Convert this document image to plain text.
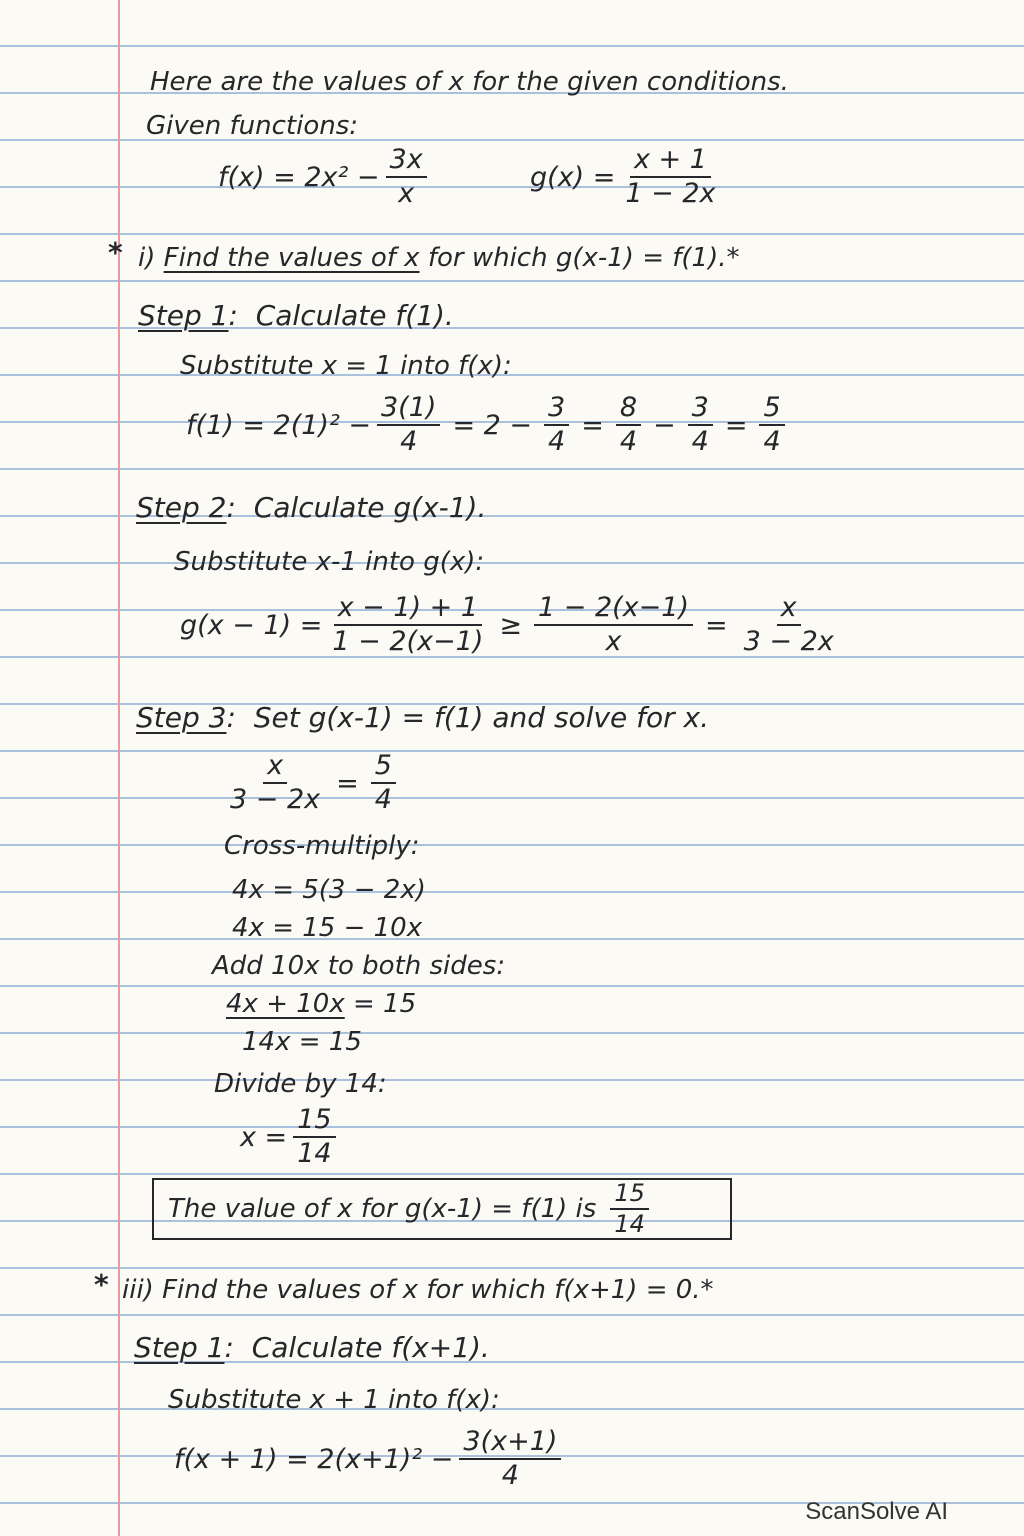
Here are the values of x for the given conditions.
Given functions:
$f(x) = 2x^2 - \frac{3x}{x}$	$g(x) = \frac{x + 1}{1 - 2x}$
* i) Find the values of x for which g(x-1) = f(1).*
Step 1:  Calculate f(1).
Substitute x = 1 into f(x):
$f(1) = 2(1)^2 - \frac{3(1)}{4} = 2 - \frac{3}{4} = \frac{8}{4} - \frac{3}{4} = \frac{5}{4}$
Step 2:  Calculate g(x-1).
Substitute x-1 into g(x):
$g(x - 1) = \frac{x - 1) + 1}{1 - 2(x-1)} \ge \frac{1 - 2(x-1)}{x} = \frac{x}{3 - 2x}$
Step 3:  Set g(x-1) = f(1) and solve for x.
$\frac{x}{3 - 2x} = \frac{5}{4}$
Cross-multiply:
4x = 5(3 − 2x)
4x = 15 − 10x
Add 10x to both sides:
4x + 10x = 15
14x = 15
Divide by 14:
$x = \frac{15}{14}$
The value of x for g(x-1) = f(1) is $\frac{15}{14}$
* iii) Find the values of x for which f(x+1) = 0.*
Step 1:  Calculate f(x+1).
Substitute x + 1 into f(x):
$f(x + 1) = 2(x+1)^2 - \frac{3(x+1)}{4}$
ScanSolve AI
